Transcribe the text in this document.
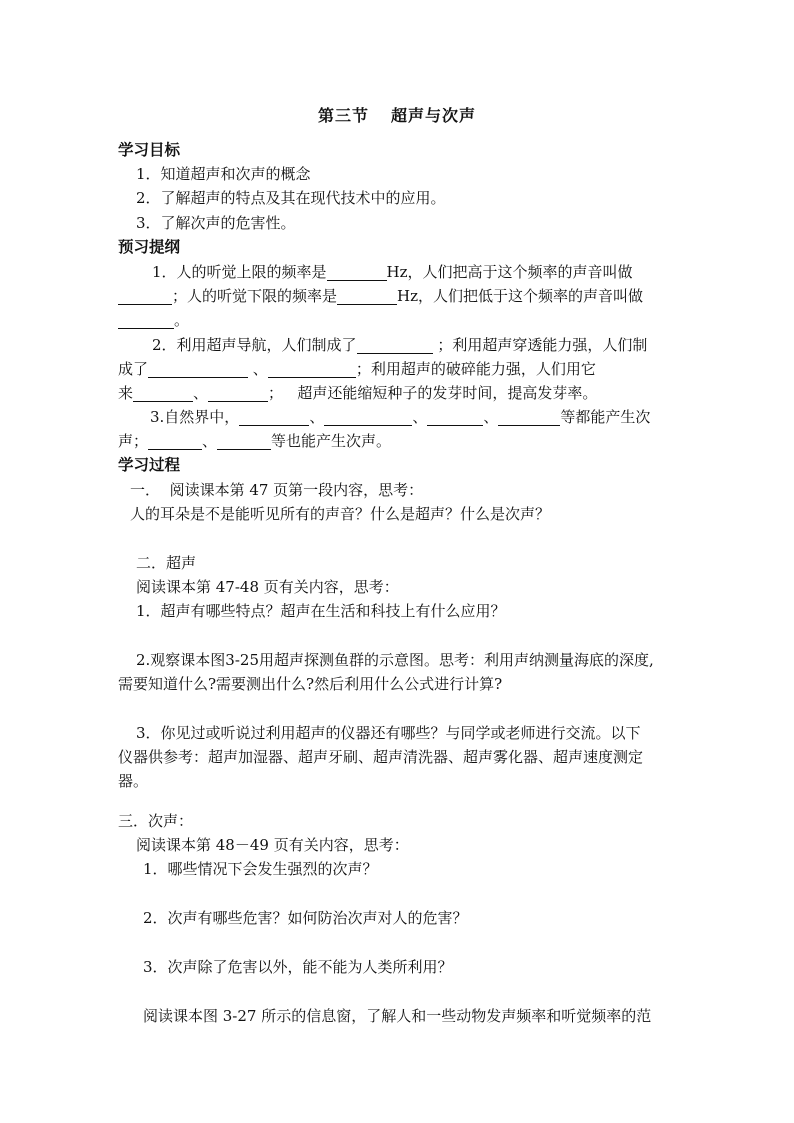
第三节 超声与次声
学习目标
1．知道超声和次声的概念
2．了解超声的特点及其在现代技术中的应用。
3．了解次声的危害性。
预习提纲
1．人的听觉上限的频率是	Hz，人们把高于这个频率的声音叫做
；人的听觉下限的频率是	Hz，人们把低于这个频率的声音叫做
。
2．利用超声导航，人们制成了	；利用超声穿透能力强，人们制
成了	、	；利用超声的破碎能力强，人们用它
来	、	； 超声还能缩短种子的发芽时间，提高发芽率。
3.自然界中，	、	、	、	等都能产生次
声；	、	等也能产生次声。
学习过程
一． 阅读课本第 47 页第一段内容，思考：
人的耳朵是不是能听见所有的声音？什么是超声？什么是次声？
二．超声
阅读课本第 47-48 页有关内容，思考：
1．超声有哪些特点？超声在生活和科技上有什么应用？
2.观察课本图3-25用超声探测鱼群的示意图。思考：利用声纳测量海底的深度,
需要知道什么?需要测出什么?然后利用什么公式进行计算?
3．你见过或听说过利用超声的仪器还有哪些？与同学或老师进行交流。以下
仪器供参考：超声加湿器、超声牙刷、超声清洗器、超声雾化器、超声速度测定
器。
三．次声：
阅读课本第 48－49 页有关内容，思考：
1．哪些情况下会发生强烈的次声？
2．次声有哪些危害？如何防治次声对人的危害？
3．次声除了危害以外，能不能为人类所利用？
阅读课本图 3-27 所示的信息窗，了解人和一些动物发声频率和听觉频率的范
